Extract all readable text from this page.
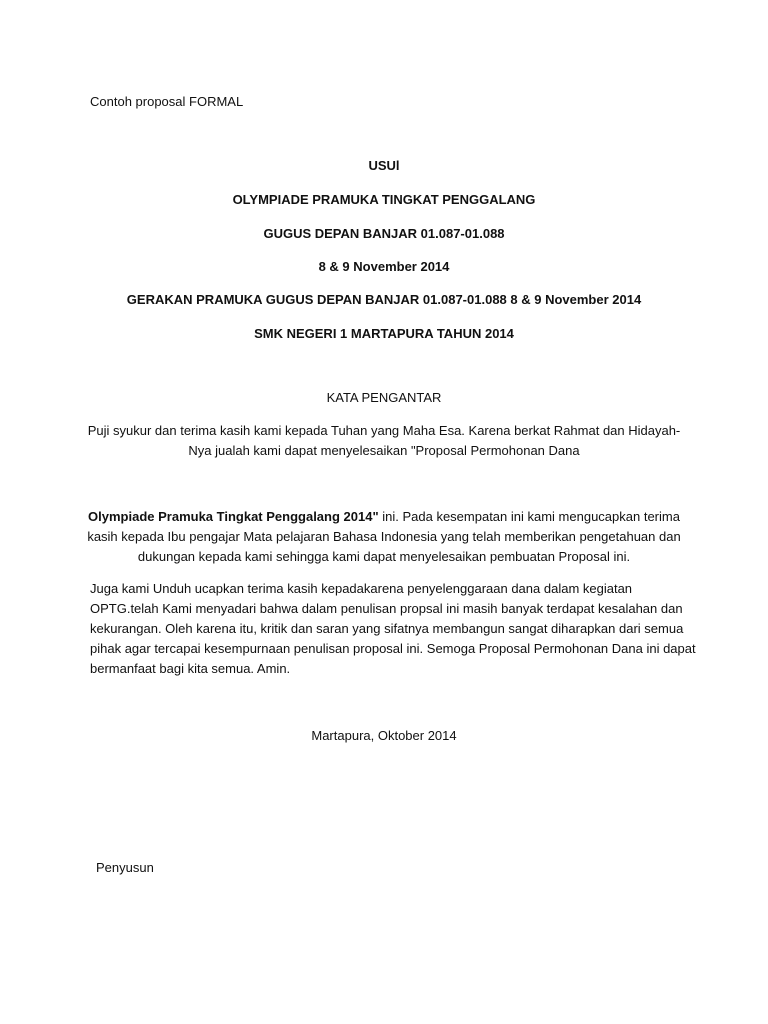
Contoh proposal FORMAL
USUl
OLYMPIADE PRAMUKA TINGKAT PENGGALANG
GUGUS DEPAN BANJAR 01.087-01.088
8 & 9 November 2014
GERAKAN PRAMUKA GUGUS DEPAN BANJAR 01.087-01.088 8 & 9 November 2014
SMK NEGERI 1 MARTAPURA TAHUN 2014
KATA PENGANTAR
Puji syukur dan terima kasih kami kepada Tuhan yang Maha Esa. Karena berkat Rahmat dan Hidayah-
Nya jualah kami dapat menyelesaikan "Proposal Permohonan Dana
Olympiade Pramuka Tingkat Penggalang 2014" ini. Pada kesempatan ini kami mengucapkan terima
kasih kepada Ibu pengajar Mata pelajaran Bahasa Indonesia yang telah memberikan pengetahuan dan
dukungan kepada kami sehingga kami dapat menyelesaikan pembuatan Proposal ini.
Juga kami Unduh ucapkan terima kasih kepadakarena penyelenggaraan dana dalam kegiatan
OPTG.telah Kami menyadari bahwa dalam penulisan propsal ini masih banyak terdapat kesalahan dan
kekurangan. Oleh karena itu, kritik dan saran yang sifatnya membangun sangat diharapkan dari semua
pihak agar tercapai kesempurnaan penulisan proposal ini. Semoga Proposal Permohonan Dana ini dapat
bermanfaat bagi kita semua. Amin.
Martapura, Oktober 2014
Penyusun
